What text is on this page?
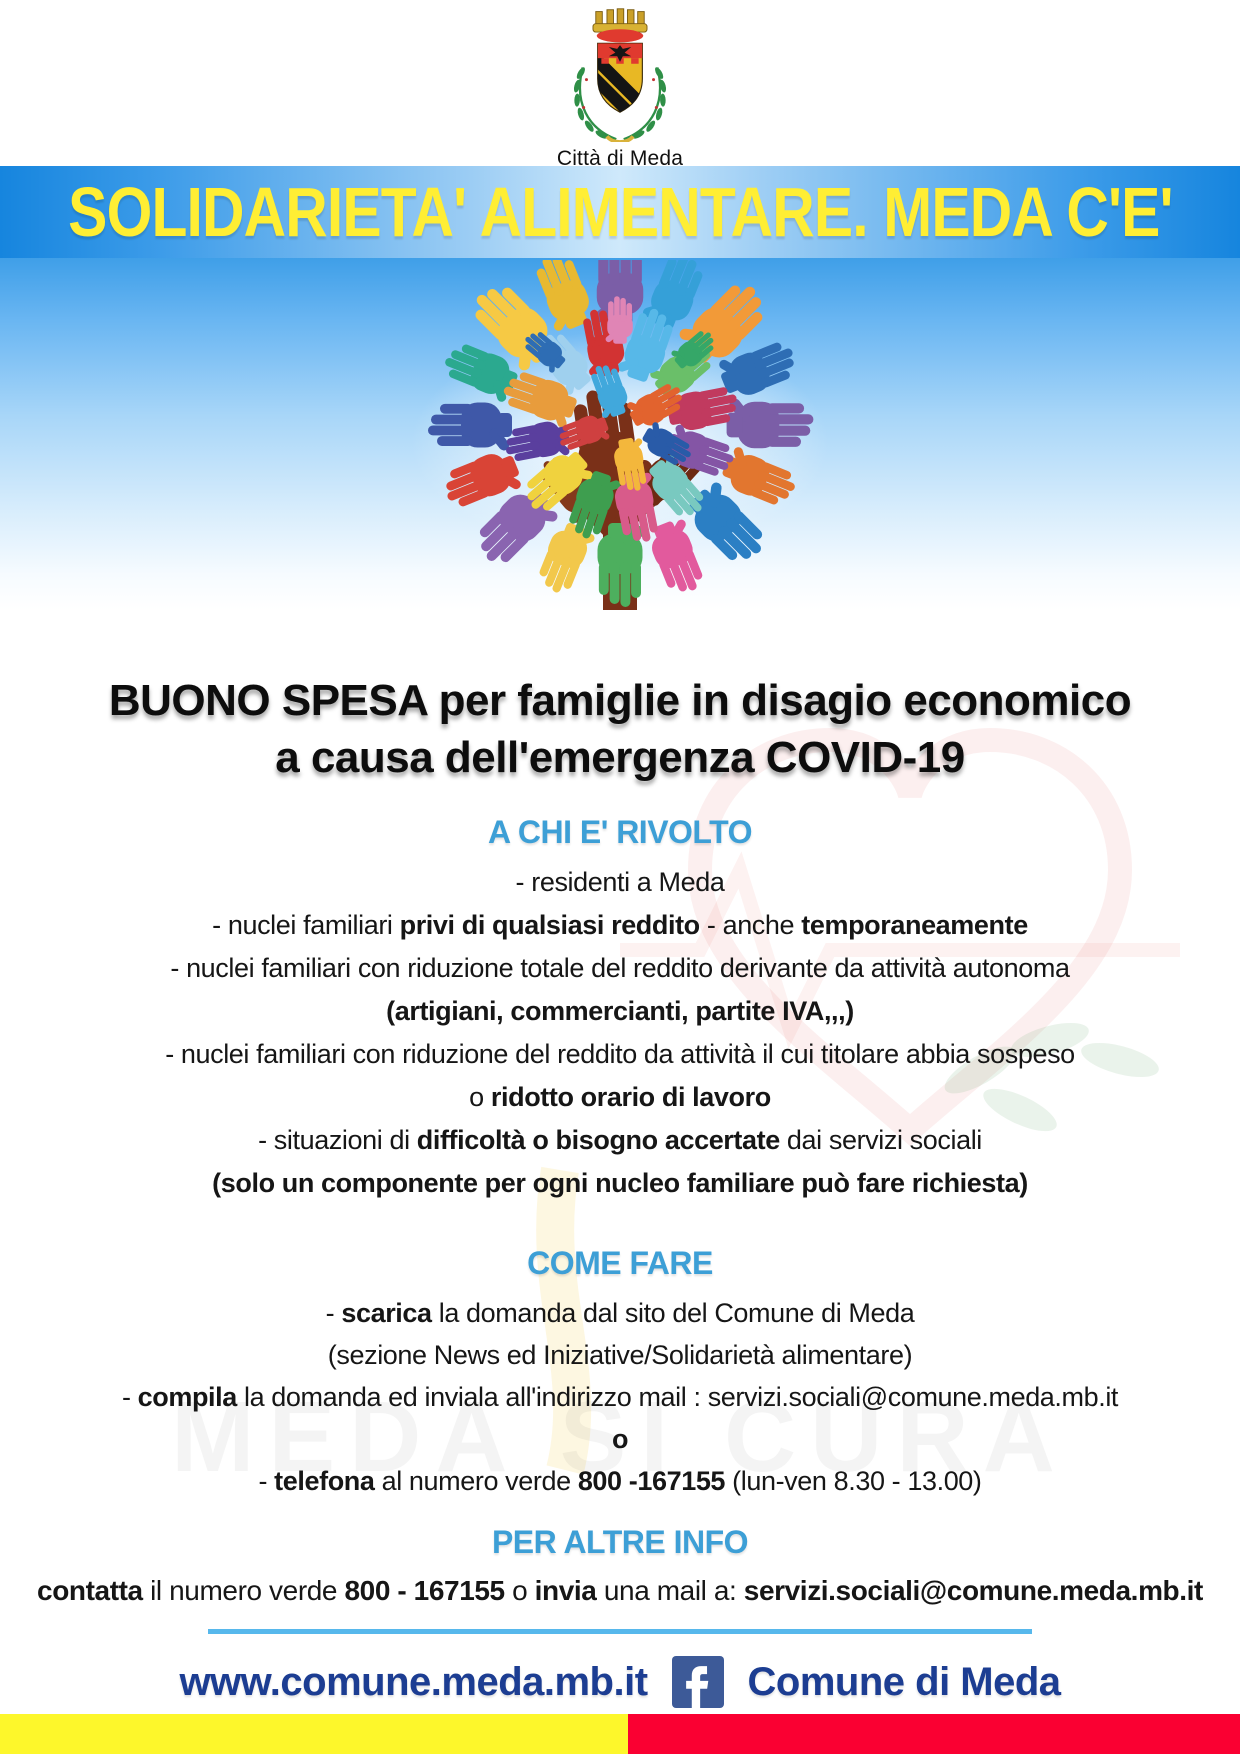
Città di Meda
SOLIDARIETA' ALIMENTARE. MEDA C'E'
BUONO SPESA per famiglie in disagio economico
a causa dell'emergenza COVID-19
A CHI E' RIVOLTO
- residenti a Meda
- nuclei familiari privi di qualsiasi reddito - anche temporaneamente
- nuclei familiari con riduzione totale del reddito derivante da attività autonoma
(artigiani, commercianti, partite IVA,,,)
- nuclei familiari con riduzione del reddito da attività il cui titolare abbia sospeso
o ridotto orario di lavoro
- situazioni di difficoltà o bisogno accertate dai servizi sociali
(solo un componente per ogni nucleo familiare può fare richiesta)
COME FARE
- scarica la domanda dal sito del Comune di Meda
(sezione News ed Iniziative/Solidarietà alimentare)
- compila la domanda ed inviala all'indirizzo mail : servizi.sociali@comune.meda.mb.it
o
- telefona al numero verde 800 -167155 (lun-ven 8.30 - 13.00)
PER ALTRE INFO
contatta il numero verde 800 - 167155 o invia una mail a: servizi.sociali@comune.meda.mb.it
www.comune.meda.mb.it	Comune di Meda
